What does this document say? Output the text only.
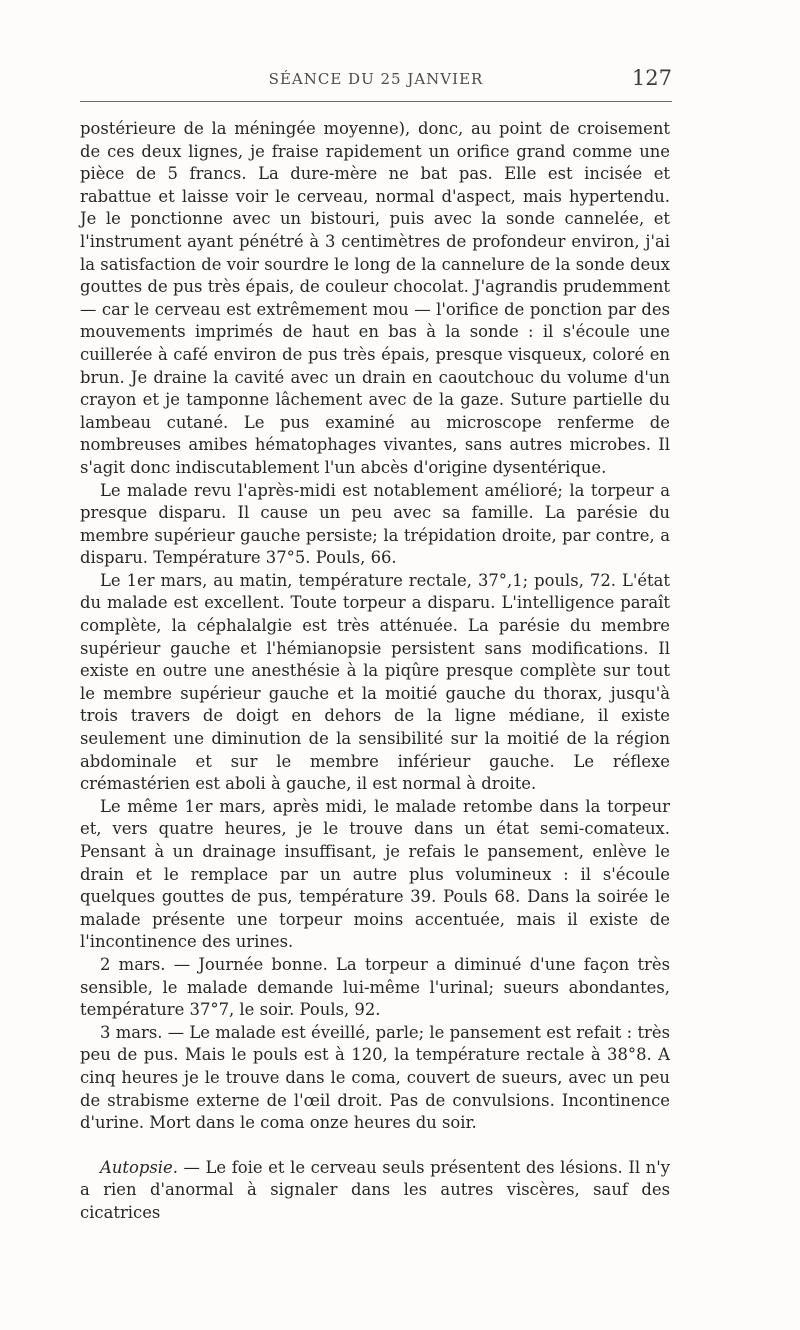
SÉANCE DU 25 JANVIER	127

postérieure de la méningée moyenne), donc, au point de croisement de ces deux lignes, je fraise rapidement un orifice grand comme une pièce de 5 francs. La dure-mère ne bat pas. Elle est incisée et rabattue et laisse voir le cerveau, normal d'aspect, mais hypertendu. Je le ponctionne avec un bistouri, puis avec la sonde cannelée, et l'instrument ayant pénétré à 3 centimètres de profondeur environ, j'ai la satisfaction de voir sourdre le long de la cannelure de la sonde deux gouttes de pus très épais, de couleur chocolat. J'agrandis prudemment — car le cerveau est extrêmement mou — l'orifice de ponction par des mouvements imprimés de haut en bas à la sonde : il s'écoule une cuillerée à café environ de pus très épais, presque visqueux, coloré en brun. Je draine la cavité avec un drain en caoutchouc du volume d'un crayon et je tamponne lâchement avec de la gaze. Suture partielle du lambeau cutané. Le pus examiné au microscope renferme de nombreuses amibes hématophages vivantes, sans autres microbes. Il s'agit donc indiscutablement l'un abcès d'origine dysentérique.

Le malade revu l'après-midi est notablement amélioré; la torpeur a presque disparu. Il cause un peu avec sa famille. La parésie du membre supérieur gauche persiste; la trépidation droite, par contre, a disparu. Température 37°5. Pouls, 66.

Le 1er mars, au matin, température rectale, 37°,1; pouls, 72. L'état du malade est excellent. Toute torpeur a disparu. L'intelligence paraît complète, la céphalalgie est très atténuée. La parésie du membre supérieur gauche et l'hémianopsie persistent sans modifications. Il existe en outre une anesthésie à la piqûre presque complète sur tout le membre supérieur gauche et la moitié gauche du thorax, jusqu'à trois travers de doigt en dehors de la ligne médiane, il existe seulement une diminution de la sensibilité sur la moitié de la région abdominale et sur le membre inférieur gauche. Le réflexe crémastérien est aboli à gauche, il est normal à droite.

Le même 1er mars, après midi, le malade retombe dans la torpeur et, vers quatre heures, je le trouve dans un état semi-comateux. Pensant à un drainage insuffisant, je refais le pansement, enlève le drain et le remplace par un autre plus volumineux : il s'écoule quelques gouttes de pus, température 39. Pouls 68. Dans la soirée le malade présente une torpeur moins accentuée, mais il existe de l'incontinence des urines.

2 mars. — Journée bonne. La torpeur a diminué d'une façon très sensible, le malade demande lui-même l'urinal; sueurs abondantes, température 37°7, le soir. Pouls, 92.

3 mars. — Le malade est éveillé, parle; le pansement est refait : très peu de pus. Mais le pouls est à 120, la température rectale à 38°8. A cinq heures je le trouve dans le coma, couvert de sueurs, avec un peu de strabisme externe de l'œil droit. Pas de convulsions. Incontinence d'urine. Mort dans le coma onze heures du soir.

Autopsie. — Le foie et le cerveau seuls présentent des lésions. Il n'y a rien d'anormal à signaler dans les autres viscères, sauf des cicatrices
